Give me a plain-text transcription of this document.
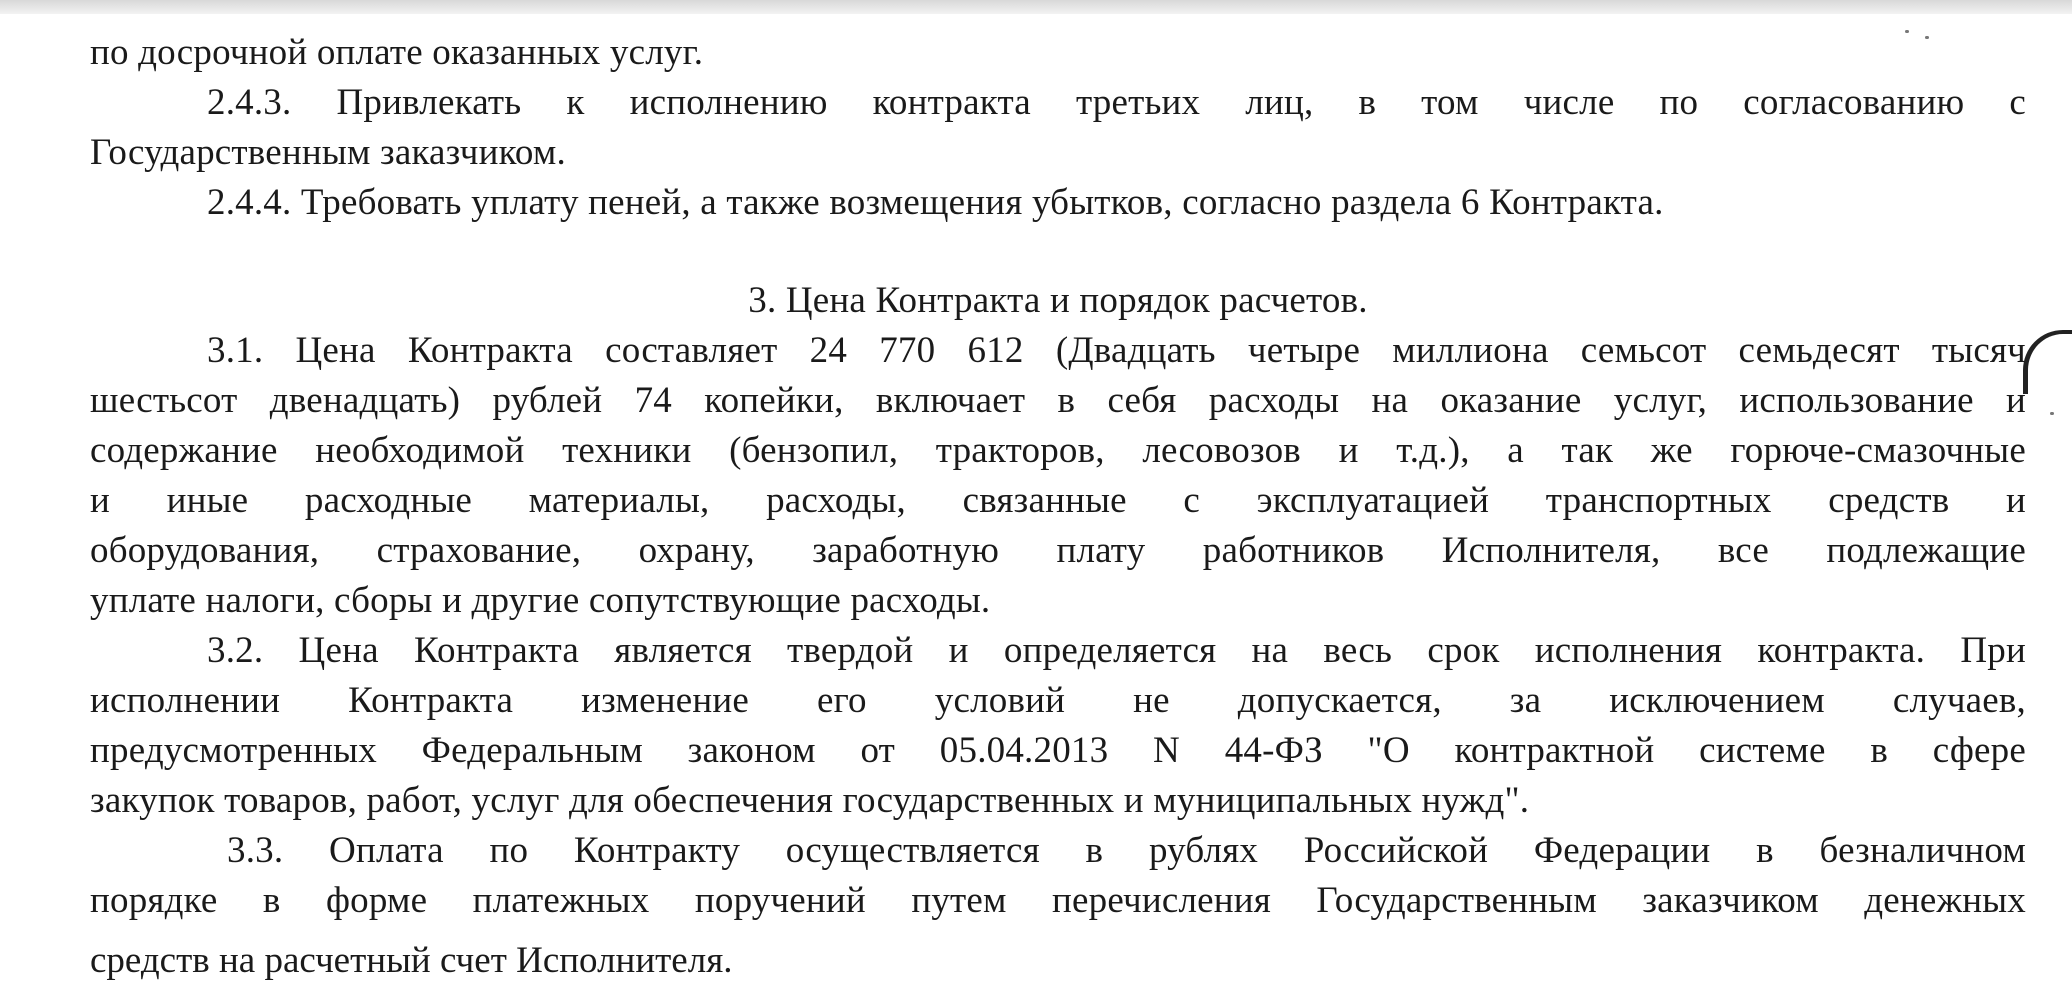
по досрочной оплате оказанных услуг.
2.4.3. Привлекать к исполнению контракта третьих лиц, в том числе по согласованию с
Государственным заказчиком.
2.4.4. Требовать уплату пеней, а также возмещения убытков, согласно раздела 6 Контракта.
3. Цена Контракта и порядок расчетов.
3.1. Цена Контракта составляет 24 770 612 (Двадцать четыре миллиона семьсот семьдесят тысяч
шестьсот двенадцать) рублей 74 копейки, включает в себя расходы на оказание услуг, использование и
содержание необходимой техники (бензопил, тракторов, лесовозов и т.д.), а так же горюче-смазочные
и иные расходные материалы, расходы, связанные с эксплуатацией транспортных средств и
оборудования, страхование, охрану, заработную плату работников Исполнителя, все подлежащие
уплате налоги, сборы и другие сопутствующие расходы.
3.2. Цена Контракта является твердой и определяется на весь срок исполнения контракта. При
исполнении Контракта изменение его условий не допускается, за исключением случаев,
предусмотренных Федеральным законом от 05.04.2013 N 44-ФЗ "О контрактной системе в сфере
закупок товаров, работ, услуг для обеспечения государственных и муниципальных нужд".
3.3. Оплата по Контракту осуществляется в рублях Российской Федерации в безналичном
порядке в форме платежных поручений путем перечисления Государственным заказчиком денежных
средств на расчетный счет Исполнителя.
